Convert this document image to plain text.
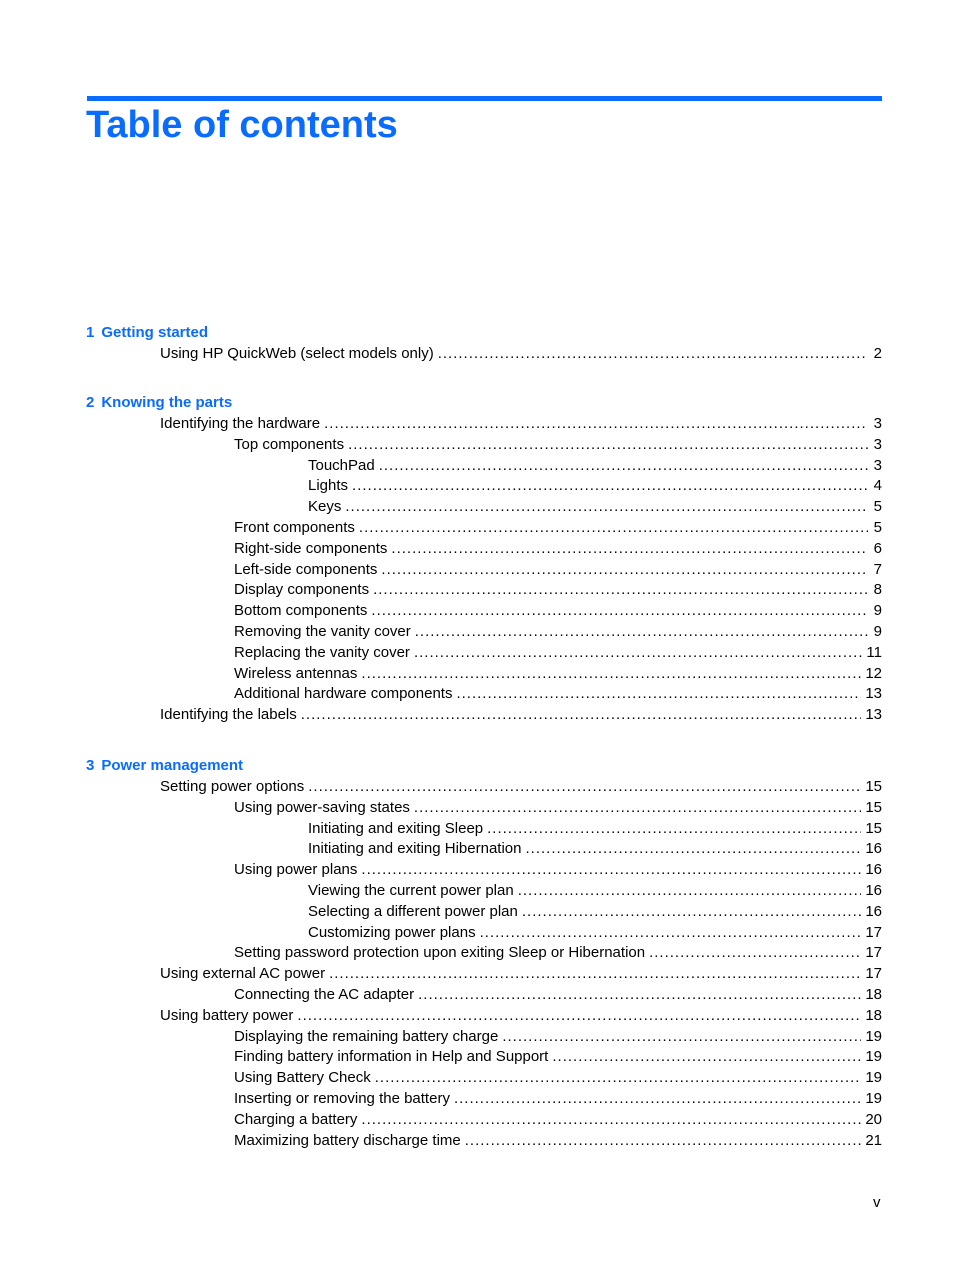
Table of contents
1 Getting started
Using HP QuickWeb (select models only) .....	2
2 Knowing the parts
Identifying the hardware .....	3
Top components .....	3
TouchPad .....	3
Lights .....	4
Keys .....	5
Front components .....	5
Right-side components .....	6
Left-side components .....	7
Display components .....	8
Bottom components .....	9
Removing the vanity cover .....	9
Replacing the vanity cover .....	11
Wireless antennas .....	12
Additional hardware components .....	13
Identifying the labels .....	13
3 Power management
Setting power options .....	15
Using power-saving states .....	15
Initiating and exiting Sleep .....	15
Initiating and exiting Hibernation .....	16
Using power plans .....	16
Viewing the current power plan .....	16
Selecting a different power plan .....	16
Customizing power plans .....	17
Setting password protection upon exiting Sleep or Hibernation .....	17
Using external AC power .....	17
Connecting the AC adapter .....	18
Using battery power .....	18
Displaying the remaining battery charge .....	19
Finding battery information in Help and Support .....	19
Using Battery Check .....	19
Inserting or removing the battery .....	19
Charging a battery .....	20
Maximizing battery discharge time .....	21
v
